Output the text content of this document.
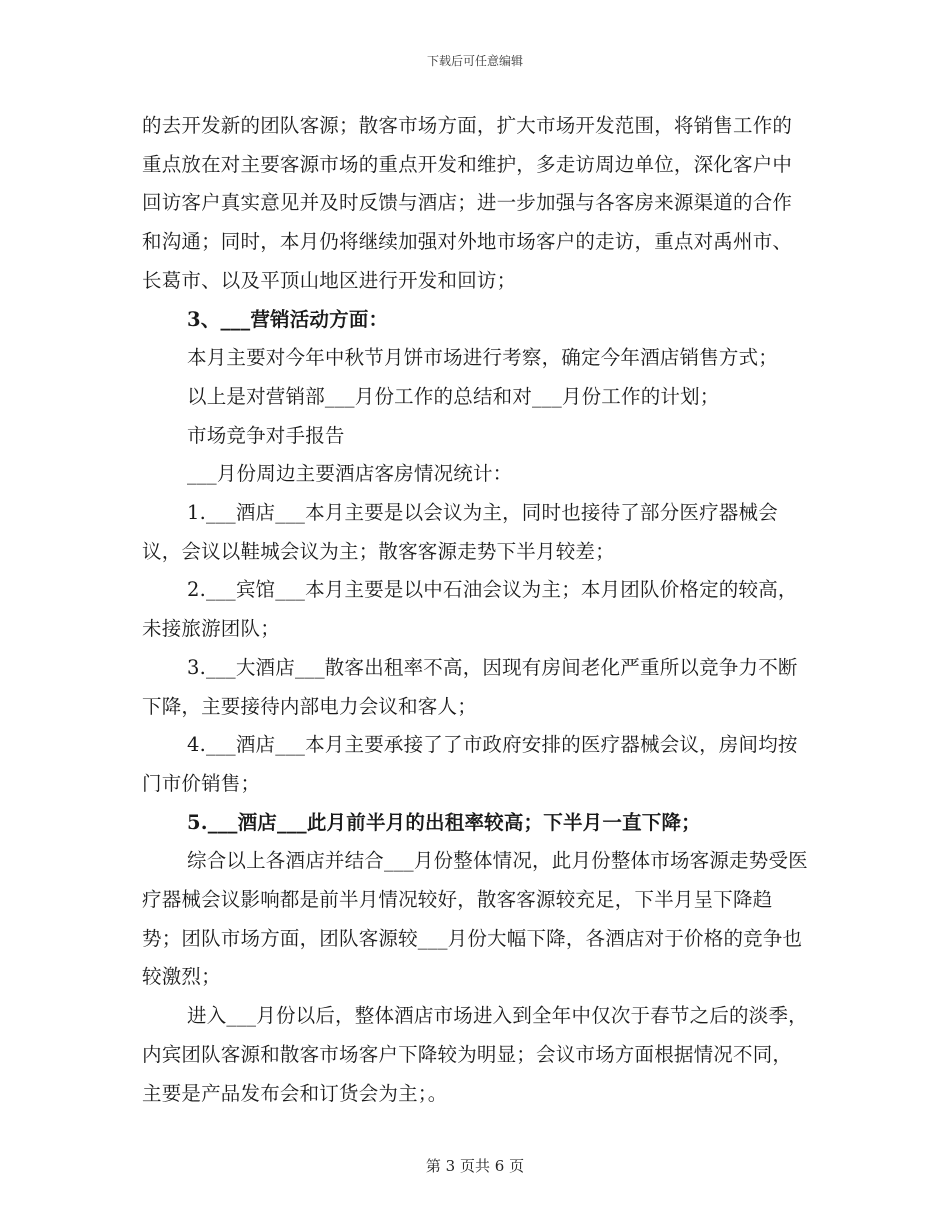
下载后可任意编辑

的去开发新的团队客源；散客市场方面，扩大市场开发范围，将销售工作的重点放在对主要客源市场的重点开发和维护，多走访周边单位，深化客户中回访客户真实意见并及时反馈与酒店；进一步加强与各客房来源渠道的合作和沟通；同时，本月仍将继续加强对外地市场客户的走访，重点对禹州市、长葛市、以及平顶山地区进行开发和回访；

3、___营销活动方面：

本月主要对今年中秋节月饼市场进行考察，确定今年酒店销售方式；

以上是对营销部___月份工作的总结和对___月份工作的计划；

市场竞争对手报告

___月份周边主要酒店客房情况统计：

1.___酒店___本月主要是以会议为主，同时也接待了部分医疗器械会议，会议以鞋城会议为主；散客客源走势下半月较差；

2.___宾馆___本月主要是以中石油会议为主；本月团队价格定的较高，未接旅游团队；

3.___大酒店___散客出租率不高，因现有房间老化严重所以竞争力不断下降，主要接待内部电力会议和客人；

4.___酒店___本月主要承接了了市政府安排的医疗器械会议，房间均按门市价销售；

5.___酒店___此月前半月的出租率较高；下半月一直下降；

综合以上各酒店并结合___月份整体情况，此月份整体市场客源走势受医疗器械会议影响都是前半月情况较好，散客客源较充足，下半月呈下降趋势；团队市场方面，团队客源较___月份大幅下降，各酒店对于价格的竞争也较激烈；

进入___月份以后，整体酒店市场进入到全年中仅次于春节之后的淡季，内宾团队客源和散客市场客户下降较为明显；会议市场方面根据情况不同，主要是产品发布会和订货会为主；。

第 3 页共 6 页
